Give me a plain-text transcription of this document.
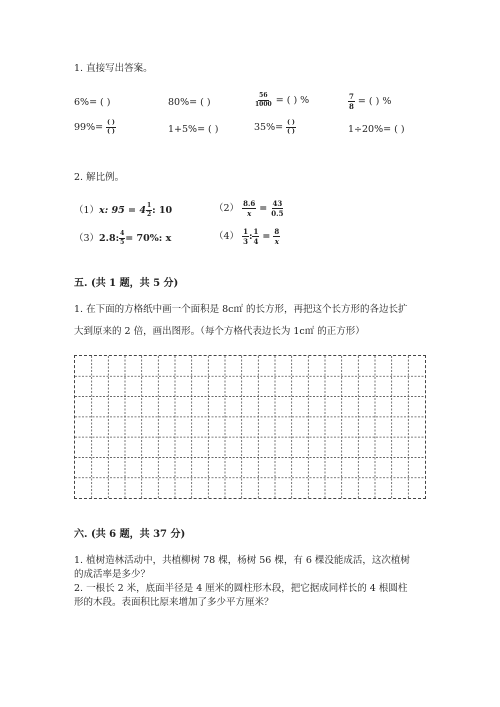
1. 直接写出答案。
6%= ( )	80%= ( )	$\frac{56}{1000}$ = ( ) %	$\frac{7}{8}$ = ( ) %
$99\%= \frac{( )}{( )}$	1+5%= ( )	$35\%= \frac{( )}{( )}$	1÷20%= ( )
2. 解比例。
（1）x: $95 = 4 \frac{1}{2}$ : 10	$(2) \frac{8.6}{x} = \frac{43}{0.5}$
（3）2.8: $\frac{4}{5} = 70\%$: x	$(4) \frac{1}{3}$ : $\frac{1}{4} = \frac{8}{x}$
五. (共 1 题，共 5 分)
1. 在下面的方格纸中画一个面积是 8c㎡ 的长方形，再把这个长方形的各边长扩
大到原来的 2 倍，画出图形。（每个方格代表边长为 1c㎡ 的正方形）
六. (共 6 题，共 37 分)
1. 植树造林活动中，共植柳树 78 棵，杨树 56 棵，有 6 棵没能成活，这次植树
的成活率是多少？
2. 一根长 2 米，底面半径是 4 厘米的圆柱形木段，把它据成同样长的 4 根圆柱
形的木段。表面积比原来增加了多少平方厘米？
